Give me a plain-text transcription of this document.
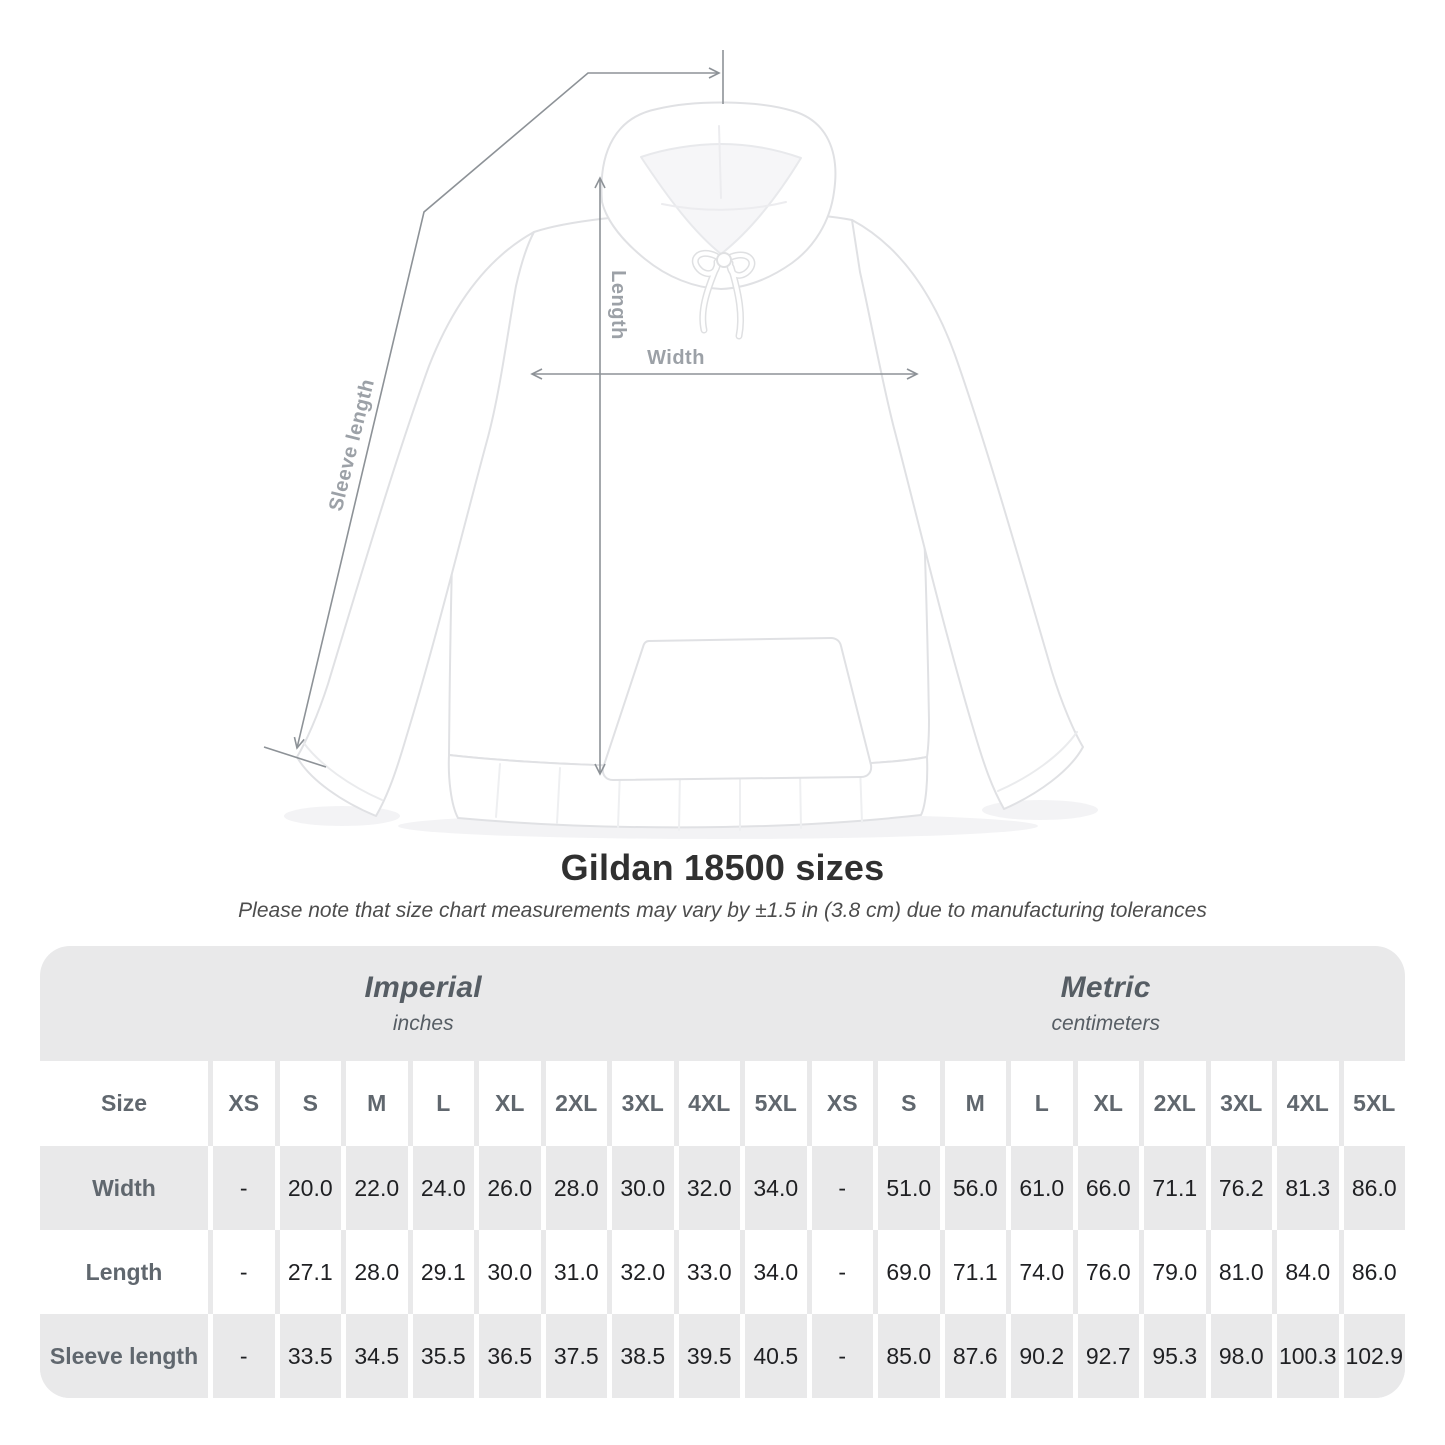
Sleeve length
Length
Width
Gildan 18500 sizes

Please note that size chart measurements may vary by ±1.5 in (3.8 cm) due to manufacturing tolerances

Imperial
inches
Metric
centimeters
Size	XS	S	M	L	XL	2XL	3XL	4XL	5XL	XS	S	M	L	XL	2XL	3XL	4XL	5XL
Width	-	20.0 22.0 24.0 26.0 28.0 30.0 32.0 34.0	-	51.0 56.0 61.0 66.0 71.1 76.2 81.3 86.0
Length	-	27.1 28.0 29.1 30.0 31.0 32.0 33.0 34.0	-	69.0 71.1 74.0 76.0 79.0 81.0 84.0 86.0
Sleeve length	-	33.5 34.5 35.5 36.5 37.5 38.5 39.5 40.5	-	85.0 87.6 90.2 92.7 95.3 98.0 100.3 102.9
